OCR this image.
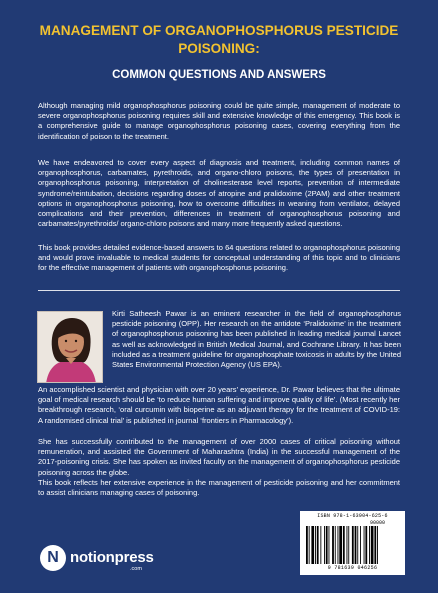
MANAGEMENT OF ORGANOPHOSPHORUS PESTICIDE POISONING:
COMMON QUESTIONS AND ANSWERS

Although managing mild organophosphorus poisoning could be quite simple, management of moderate to severe organophosphorus poisoning requires skill and extensive knowledge of this emergency. This book is a comprehensive guide to manage organophosphorus poisoning cases, covering everything from the identification of poison to the treatment.

We have endeavored to cover every aspect of diagnosis and treatment, including common names of organophosphorus, carbamates, pyrethroids, and organo-chloro poisons, the types of presentation in organophosphorus poisoning, interpretation of cholinesterase level reports, prevention of intermediate syndrome/reintubation, decisions regarding doses of atropine and pralidoxime (2PAM) and other treatment options in organophosphorus poisoning, how to overcome difficulties in weaning from ventilator, delayed complications and their prevention, differences in treatment of organophosphorus poisoning and carbamates/pyrethroids/ organo-chloro poisons and many more frequently asked questions.

This book provides detailed evidence-based answers to 64 questions related to organophosphorus poisoning and would prove invaluable to medical students for conceptual understanding of this topic and to clinicians for the effective management of patients with organophosphorus poisoning.

Kirti Satheesh Pawar is an eminent researcher in the field of organophosphorus pesticide poisoning (OPP). Her research on the antidote ‘Pralidoxime’ in the treatment of organophosphorus poisoning has been published in leading medical journal Lancet as well as acknowledged in British Medical Journal, and Cochrane Library. It has been included as a treatment guideline for organophosphate toxicosis in adults by the United States Environmental Protection Agency (US EPA).

An accomplished scientist and physician with over 20 years’ experience, Dr. Pawar believes that the ultimate goal of medical research should be ‘to reduce human suffering and improve quality of life’. (Most recently her breakthrough research, ‘oral curcumin with bioperine as an adjuvant therapy for the treatment of COVID-19: A randomised clinical trial’ is published in journal ‘frontiers in Pharmacology’).

She has successfully contributed to the management of over 2000 cases of critical poisoning without remuneration, and assisted the Government of Maharashtra (India) in the successful management of the 2017-poisoning crisis. She has spoken as invited faculty on the management of organophosphorus pesticide poisoning across the globe.

This book reflects her extensive experience in the management of pesticide poisoning and her commitment to assist clinicians managing cases of poisoning.

N notionpress
.com
ISBN 978-1-63904-625-6
90000
9 781639 046256
